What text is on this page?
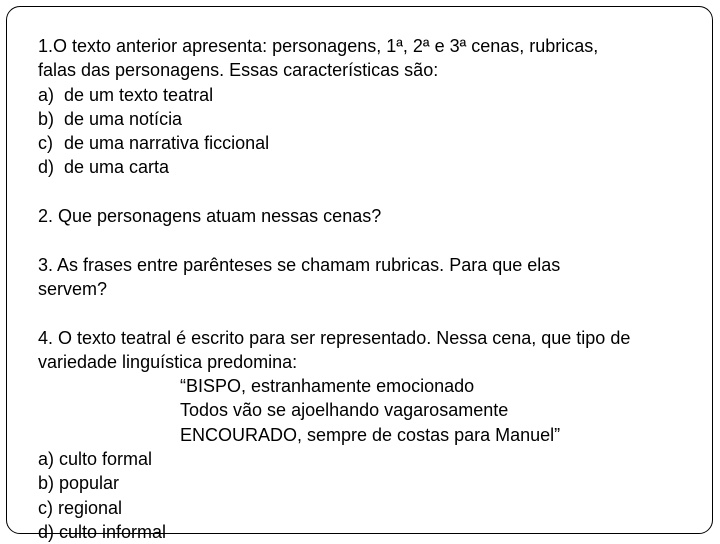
1.O texto anterior apresenta: personagens, 1ª, 2ª e 3ª cenas, rubricas,
falas das personagens. Essas características são:
a) de um texto teatral
b) de uma notícia
c) de uma narrativa ficcional
d) de uma carta
2. Que personagens atuam nessas cenas?
3. As frases entre parênteses se chamam rubricas. Para que elas
servem?
4. O texto teatral é escrito para ser representado. Nessa cena, que tipo de
variedade linguística predomina:
“BISPO, estranhamente emocionado
Todos vão se ajoelhando vagarosamente
ENCOURADO, sempre de costas para Manuel”
a) culto formal
b) popular
c) regional
d) culto informal
